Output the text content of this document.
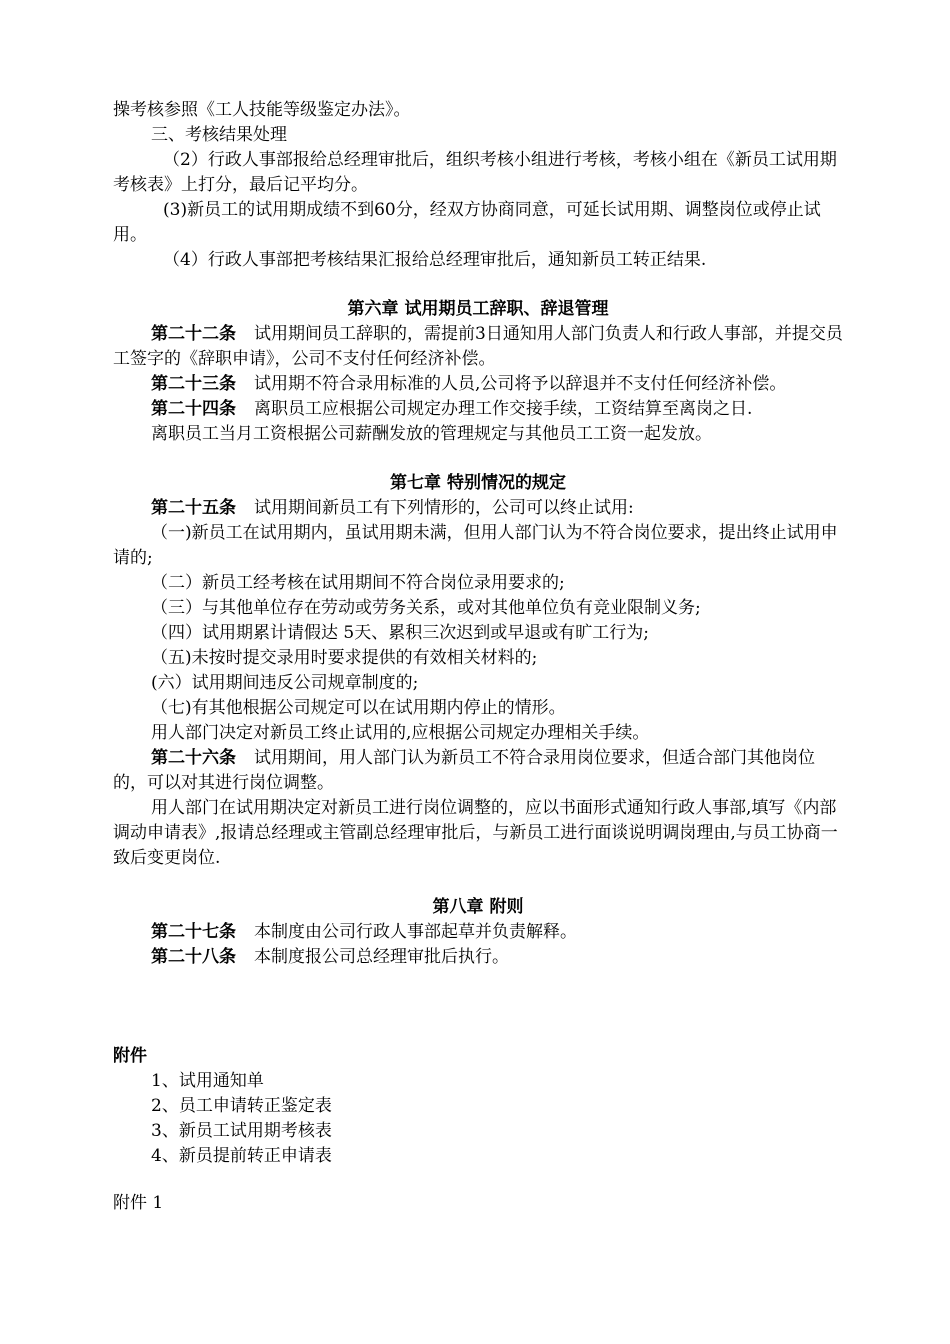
操考核参照《工人技能等级鉴定办法》。

三、考核结果处理

（2）行政人事部报给总经理审批后，组织考核小组进行考核，考核小组在《新员工试用期考核表》上打分，最后记平均分。

(3)新员工的试用期成绩不到60分，经双方协商同意，可延长试用期、调整岗位或停止试用。

（4）行政人事部把考核结果汇报给总经理审批后，通知新员工转正结果.

第六章 试用期员工辞职、辞退管理

第二十二条 试用期间员工辞职的，需提前3日通知用人部门负责人和行政人事部，并提交员工签字的《辞职申请》，公司不支付任何经济补偿。

第二十三条 试用期不符合录用标准的人员,公司将予以辞退并不支付任何经济补偿。

第二十四条 离职员工应根据公司规定办理工作交接手续，工资结算至离岗之日.

离职员工当月工资根据公司薪酬发放的管理规定与其他员工工资一起发放。

第七章 特别情况的规定

第二十五条 试用期间新员工有下列情形的，公司可以终止试用:

（一)新员工在试用期内，虽试用期未满，但用人部门认为不符合岗位要求，提出终止试用申请的;

（二）新员工经考核在试用期间不符合岗位录用要求的;

（三）与其他单位存在劳动或劳务关系，或对其他单位负有竞业限制义务;

（四）试用期累计请假达 5天、累积三次迟到或早退或有旷工行为;

（五)未按时提交录用时要求提供的有效相关材料的;

(六）试用期间违反公司规章制度的;

（七)有其他根据公司规定可以在试用期内停止的情形。

用人部门决定对新员工终止试用的,应根据公司规定办理相关手续。

第二十六条 试用期间，用人部门认为新员工不符合录用岗位要求，但适合部门其他岗位的，可以对其进行岗位调整。

用人部门在试用期决定对新员工进行岗位调整的，应以书面形式通知行政人事部,填写《内部调动申请表》,报请总经理或主管副总经理审批后，与新员工进行面谈说明调岗理由,与员工协商一致后变更岗位.

第八章 附则

第二十七条 本制度由公司行政人事部起草并负责解释。

第二十八条 本制度报公司总经理审批后执行。

附件

1、试用通知单

2、员工申请转正鉴定表

3、新员工试用期考核表

4、新员提前转正申请表

附件 1
